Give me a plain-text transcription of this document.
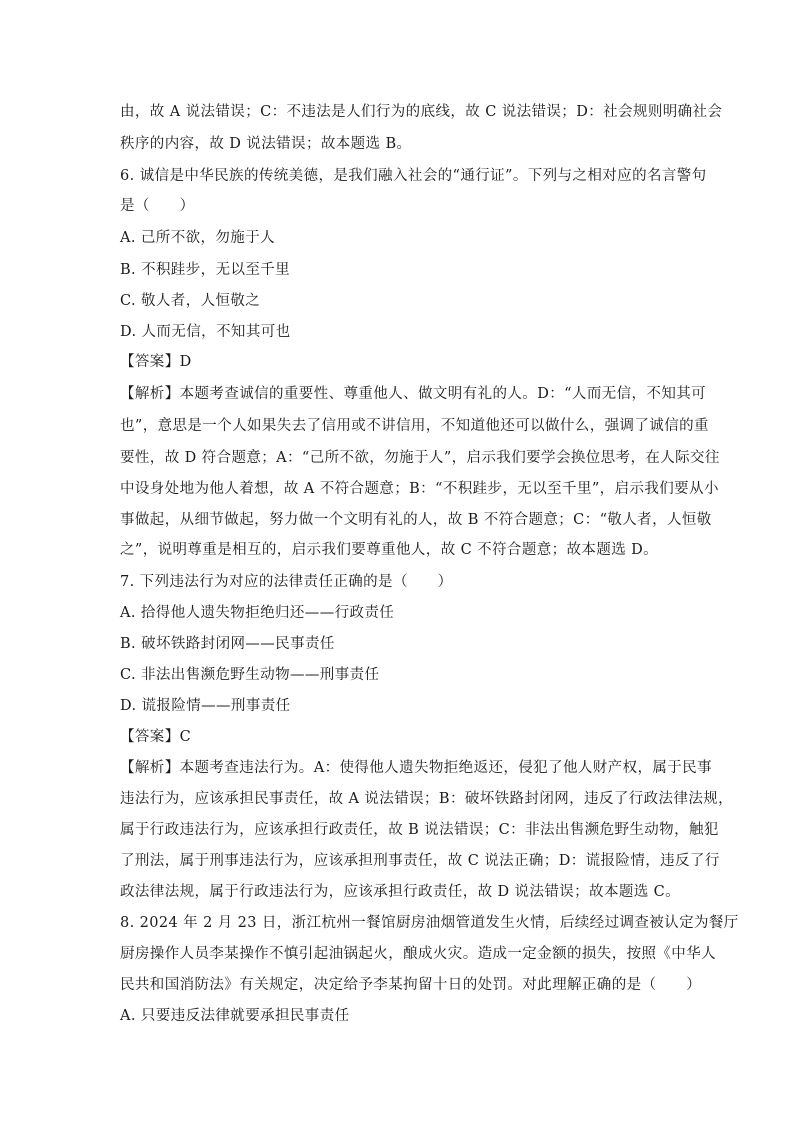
由，故 A 说法错误；C：不违法是人们行为的底线，故 C 说法错误；D：社会规则明确社会
秩序的内容，故 D 说法错误；故本题选 B。
6. 诚信是中华民族的传统美德，是我们融入社会的“通行证”。下列与之相对应的名言警句
是（　　）
A. 己所不欲，勿施于人
B. 不积跬步，无以至千里
C. 敬人者，人恒敬之
D. 人而无信，不知其可也
【答案】D
【解析】本题考查诚信的重要性、尊重他人、做文明有礼的人。D：“人而无信，不知其可
也”，意思是一个人如果失去了信用或不讲信用，不知道他还可以做什么，强调了诚信的重
要性，故 D 符合题意；A：“己所不欲，勿施于人”，启示我们要学会换位思考，在人际交往
中设身处地为他人着想，故 A 不符合题意；B：“不积跬步，无以至千里”，启示我们要从小
事做起，从细节做起，努力做一个文明有礼的人，故 B 不符合题意；C：“敬人者，人恒敬
之”，说明尊重是相互的，启示我们要尊重他人，故 C 不符合题意；故本题选 D。
7. 下列违法行为对应的法律责任正确的是（　　）
A. 拾得他人遗失物拒绝归还——行政责任
B. 破坏铁路封闭网——民事责任
C. 非法出售濒危野生动物——刑事责任
D. 谎报险情——刑事责任
【答案】C
【解析】本题考查违法行为。A：使得他人遗失物拒绝返还，侵犯了他人财产权，属于民事
违法行为，应该承担民事责任，故 A 说法错误；B：破坏铁路封闭网，违反了行政法律法规，
属于行政违法行为，应该承担行政责任，故 B 说法错误；C：非法出售濒危野生动物，触犯
了刑法，属于刑事违法行为，应该承担刑事责任，故 C 说法正确；D：谎报险情，违反了行
政法律法规，属于行政违法行为，应该承担行政责任，故 D 说法错误；故本题选 C。
8. 2024 年 2 月 23 日，浙江杭州一餐馆厨房油烟管道发生火情，后续经过调查被认定为餐厅
厨房操作人员李某操作不慎引起油锅起火，酿成火灾。造成一定金额的损失，按照《中华人
民共和国消防法》有关规定，决定给予李某拘留十日的处罚。对此理解正确的是（　　）
A. 只要违反法律就要承担民事责任
